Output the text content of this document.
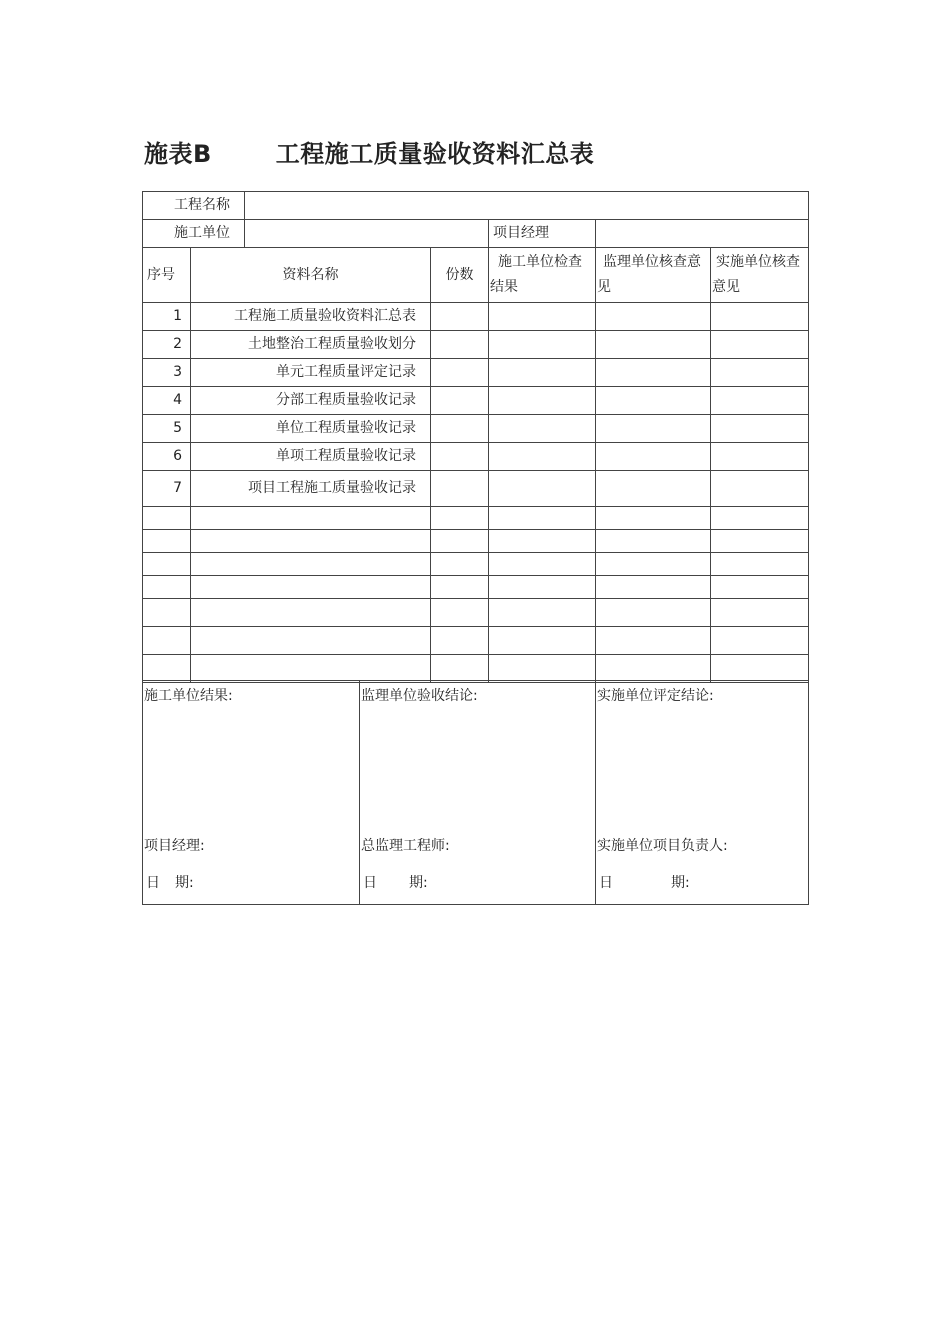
施表B	工程施工质量验收资料汇总表
工程名称						
施工单位				项目经理		
序号	资料名称		份数	施工单位检查结果	监理单位核查意见	实施单位核查意见
1	工程施工质量验收资料汇总表					
2	土地整治工程质量验收划分					
3	单元工程质量评定记录					
4	分部工程质量验收记录					
5	单位工程质量验收记录					
6	单项工程质量验收记录					
7	项目工程施工质量验收记录					

施工单位结果:
项目经理:
日 期:

监理单位验收结论:
总监理工程师:
日 期:

实施单位评定结论:
实施单位项目负责人:
日	期:
